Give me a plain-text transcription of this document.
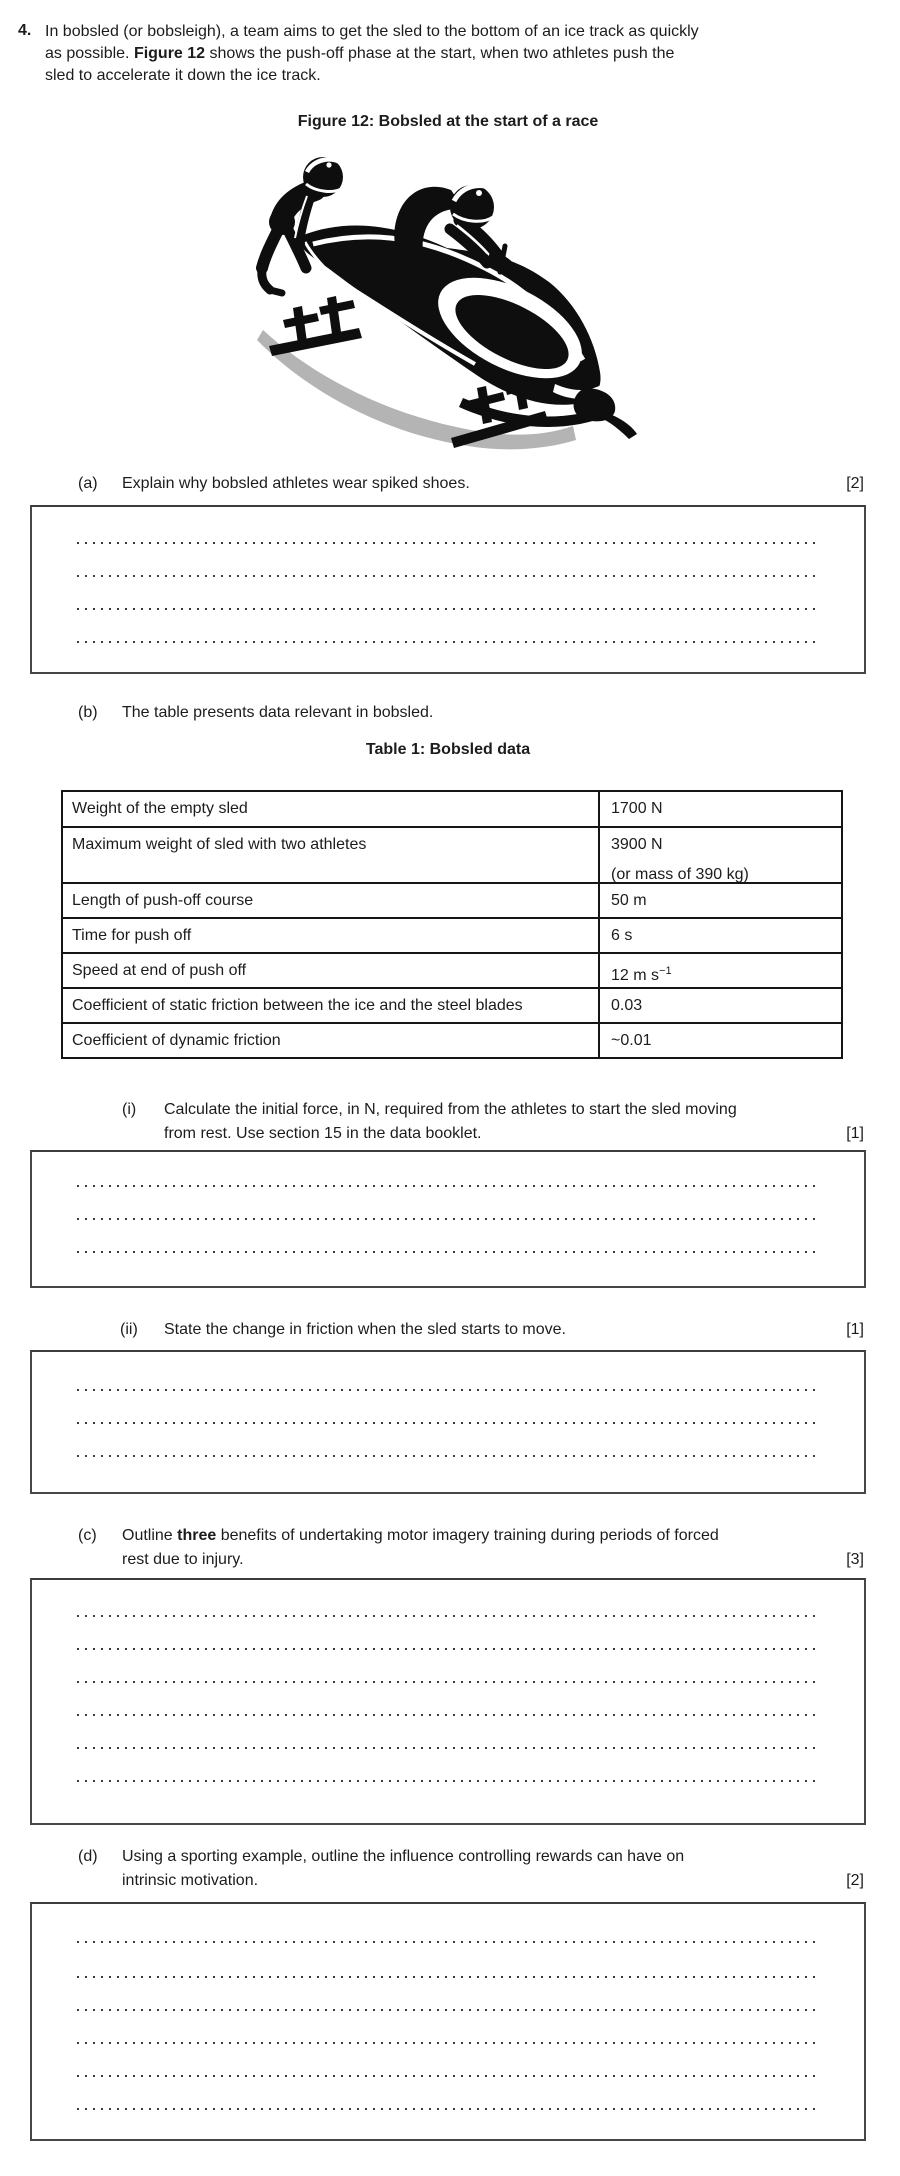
4. In bobsled (or bobsleigh), a team aims to get the sled to the bottom of an ice track as quickly
as possible. Figure 12 shows the push-off phase at the start, when two athletes push the
sled to accelerate it down the ice track.
Figure 12: Bobsled at the start of a race
(a) Explain why bobsled athletes wear spiked shoes.	[2]
(b) The table presents data relevant in bobsled.
Table 1: Bobsled data
Weight of the empty sled	1700 N
Maximum weight of sled with two athletes	3900 N
(or mass of 390 kg)
Length of push-off course	50 m
Time for push off	6 s
Speed at end of push off	12 m $s^{-1}$
Coefficient of static friction between the ice and the steel blades	0.03
Coefficient of dynamic friction	~0.01
(i) Calculate the initial force, in N, required from the athletes to start the sled moving
from rest. Use section 15 in the data booklet.	[1]
(ii) State the change in friction when the sled starts to move.	[1]
(c) Outline three benefits of undertaking motor imagery training during periods of forced
rest due to injury.	[3]
(d) Using a sporting example, outline the influence controlling rewards can have on
intrinsic motivation.	[2]
